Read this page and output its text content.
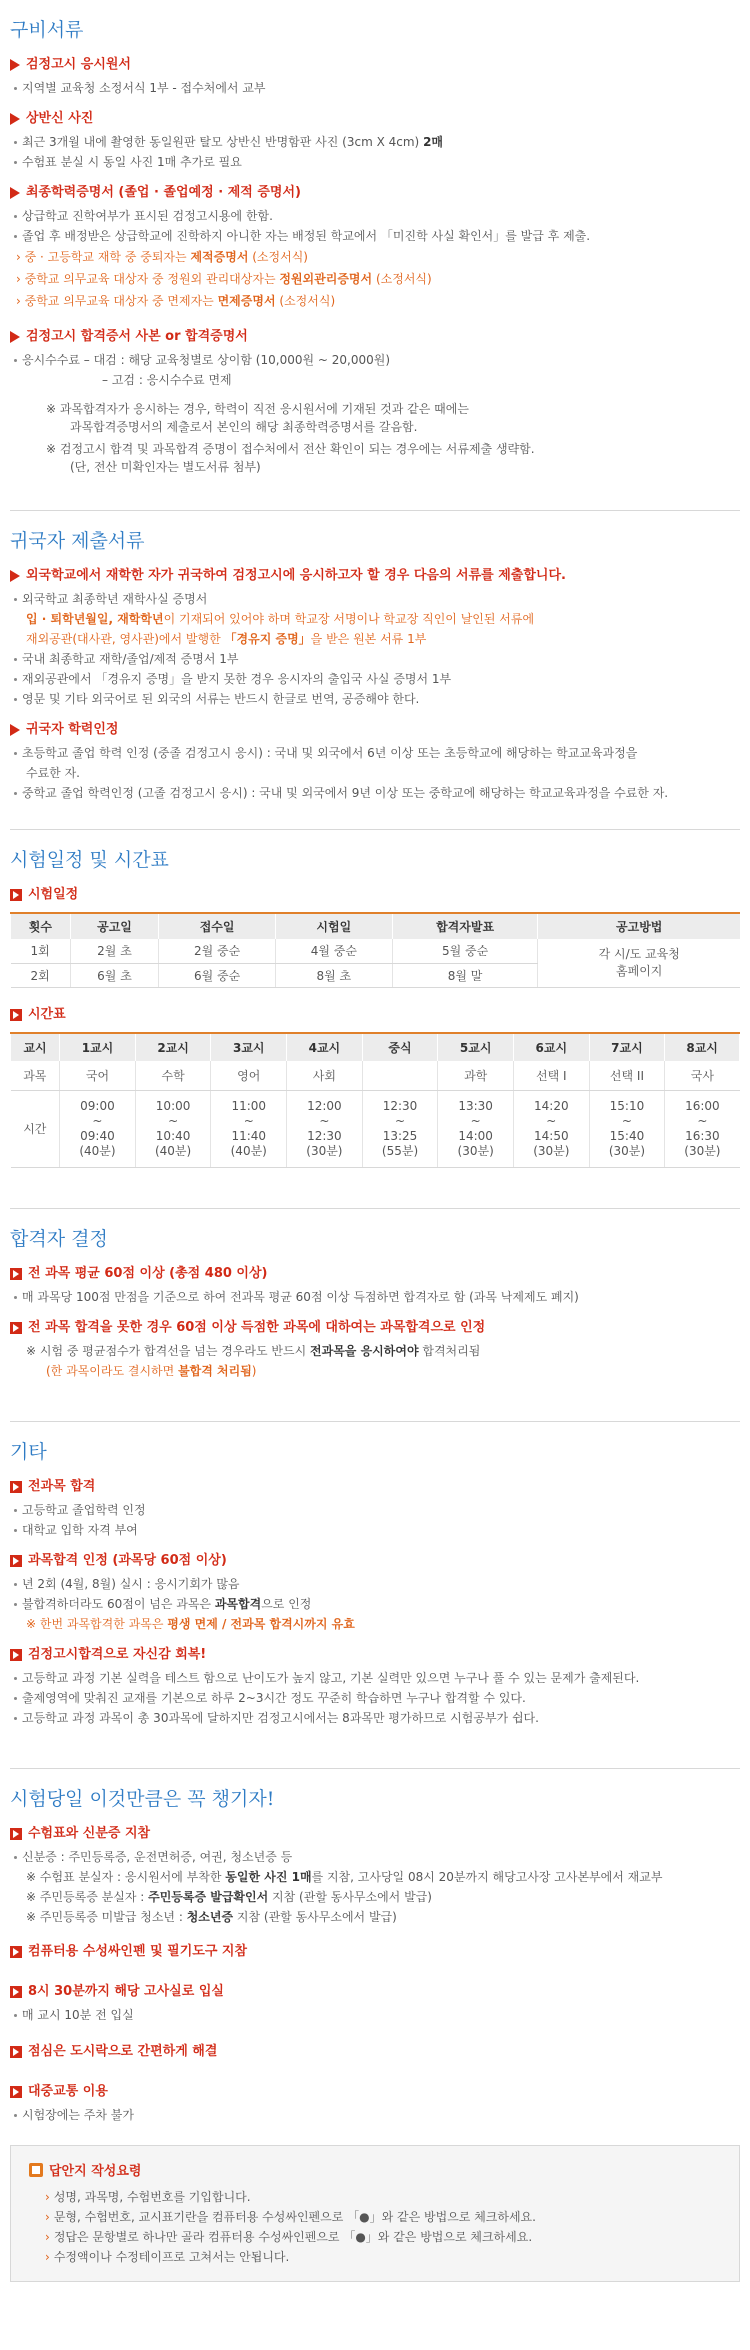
구비서류
검정고시 응시원서
지역별 교육청 소정서식 1부 - 접수처에서 교부
상반신 사진
최근 3개월 내에 촬영한 동일원판 탈모 상반신 반명함판 사진 (3cm X 4cm) 2매
수험표 분실 시 동일 사진 1매 추가로 필요
최종학력증명서 (졸업 · 졸업예정 · 제적 증명서)
상급학교 진학여부가 표시된 검정고시용에 한함.
졸업 후 배정받은 상급학교에 진학하지 아니한 자는 배정된 학교에서 「미진학 사실 확인서」를 발급 후 제출.
› 중 · 고등학교 재학 중 중퇴자는 제적증명서 (소정서식)
› 중학교 의무교육 대상자 중 정원외 관리대상자는 정원외관리증명서 (소정서식)
› 중학교 의무교육 대상자 중 면제자는 면제증명서 (소정서식)
검정고시 합격증서 사본 or 합격증명서
응시수수료 – 대검 : 해당 교육청별로 상이함 (10,000원 ~ 20,000원)
– 고검 : 응시수수료 면제
※ 과목합격자가 응시하는 경우, 학력이 직전 응시원서에 기재된 것과 같은 때에는
과목합격증명서의 제출로서 본인의 해당 최종학력증명서를 갈음함.
※ 검정고시 합격 및 과목합격 증명이 접수처에서 전산 확인이 되는 경우에는 서류제출 생략함.
(단, 전산 미확인자는 별도서류 첨부)
귀국자 제출서류
외국학교에서 재학한 자가 귀국하여 검정고시에 응시하고자 할 경우 다음의 서류를 제출합니다.
외국학교 최종학년 재학사실 증명서
입 · 퇴학년월일, 재학학년이 기재되어 있어야 하며 학교장 서명이나 학교장 직인이 날인된 서류에
재외공관(대사관, 영사관)에서 발행한 「경유지 증명」을 받은 원본 서류 1부
국내 최종학교 재학/졸업/제적 증명서 1부
재외공관에서 「경유지 증명」을 받지 못한 경우 응시자의 출입국 사실 증명서 1부
영문 및 기타 외국어로 된 외국의 서류는 반드시 한글로 번역, 공증해야 한다.
귀국자 학력인정
초등학교 졸업 학력 인정 (중졸 검정고시 응시) : 국내 및 외국에서 6년 이상 또는 초등학교에 해당하는 학교교육과정을
수료한 자.
중학교 졸업 학력인정 (고졸 검정고시 응시) : 국내 및 외국에서 9년 이상 또는 중학교에 해당하는 학교교육과정을 수료한 자.
시험일정 및 시간표
시험일정
횟수	공고일	접수일	시험일	합격자발표	공고방법
1회	2월 초	2월 중순	4월 중순	5월 중순	각 시/도 교육청
홈페이지
2회	6월 초	6월 중순	8월 초	8월 말	
시간표
교시	1교시	2교시	3교시	4교시	중식	5교시	6교시	7교시	8교시
과목	국어	수학	영어	사회		과학	선택 I	선택 II	국사
시간	09:00
~
09:40
(40분)	10:00
~
10:40
(40분)	11:00
~
11:40
(40분)	12:00
~
12:30
(30분)	12:30
~
13:25
(55분)	13:30
~
14:00
(30분)	14:20
~
14:50
(30분)	15:10
~
15:40
(30분)	16:00
~
16:30
(30분)
합격자 결정
전 과목 평균 60점 이상 (총점 480 이상)
매 과목당 100점 만점을 기준으로 하여 전과목 평균 60점 이상 득점하면 합격자로 함 (과목 낙제제도 폐지)
전 과목 합격을 못한 경우 60점 이상 득점한 과목에 대하여는
과목합격 으로 인정
※ 시험 중 평균점수가 합격선을 넘는 경우라도 반드시 전과목을 응시하여야 합격처리됨
(한 과목이라도 결시하면 불합격 처리됨)
기타
전과목 합격
고등학교 졸업학력 인정
대학교 입학 자격 부여
과목합격 인정 (과목당 60점 이상)
년 2회 (4월, 8월) 실시 : 응시기회가 많음
불합격하더라도 60점이 넘은 과목은 과목합격으로 인정
※ 한번 과목합격한 과목은 평생 면제 / 전과목 합격시까지 유효
검정고시합격으로 자신감 회복!
고등학교 과정 기본 실력을 테스트 함으로 난이도가 높지 않고, 기본 실력만 있으면 누구나 풀 수 있는 문제가 출제된다.
출제영역에 맞춰진 교재를 기본으로 하루 2~3시간 정도 꾸준히 학습하면 누구나 합격할 수 있다.
고등학교 과정 과목이 총 30과목에 달하지만 검정고시에서는 8과목만 평가하므로 시험공부가 쉽다.
시험당일 이것만큼은 꼭 챙기자!
수험표와 신분증 지참
신분증 : 주민등록증, 운전면허증, 여권, 청소년증 등
※ 수험표 분실자 : 응시원서에 부착한 동일한 사진 1매를 지참, 고사당일 08시 20분까지 해당고사장 고사본부에서 재교부
※ 주민등록증 분실자 : 주민등록증 발급확인서 지참 (관할 동사무소에서 발급)
※ 주민등록증 미발급 청소년 : 청소년증 지참 (관할 동사무소에서 발급)
컴퓨터용 수성싸인펜 및 필기도구 지참
8시 30분까지 해당 고사실로 입실
매 교시 10분 전 입실
점심은 도시락으로 간편하게 해결
대중교통 이용
시험장에는 주차 불가
답안지 작성요령
› 성명, 과목명, 수험번호를 기입합니다.
› 문형, 수험번호, 교시표기란을 컴퓨터용 수성싸인펜으로 「●」와 같은 방법으로 체크하세요.
› 정답은 문항별로 하나만 골라 컴퓨터용 수성싸인펜으로 「●」와 같은 방법으로 체크하세요.
› 수정액이나 수정테이프로 고쳐서는 안됩니다.
